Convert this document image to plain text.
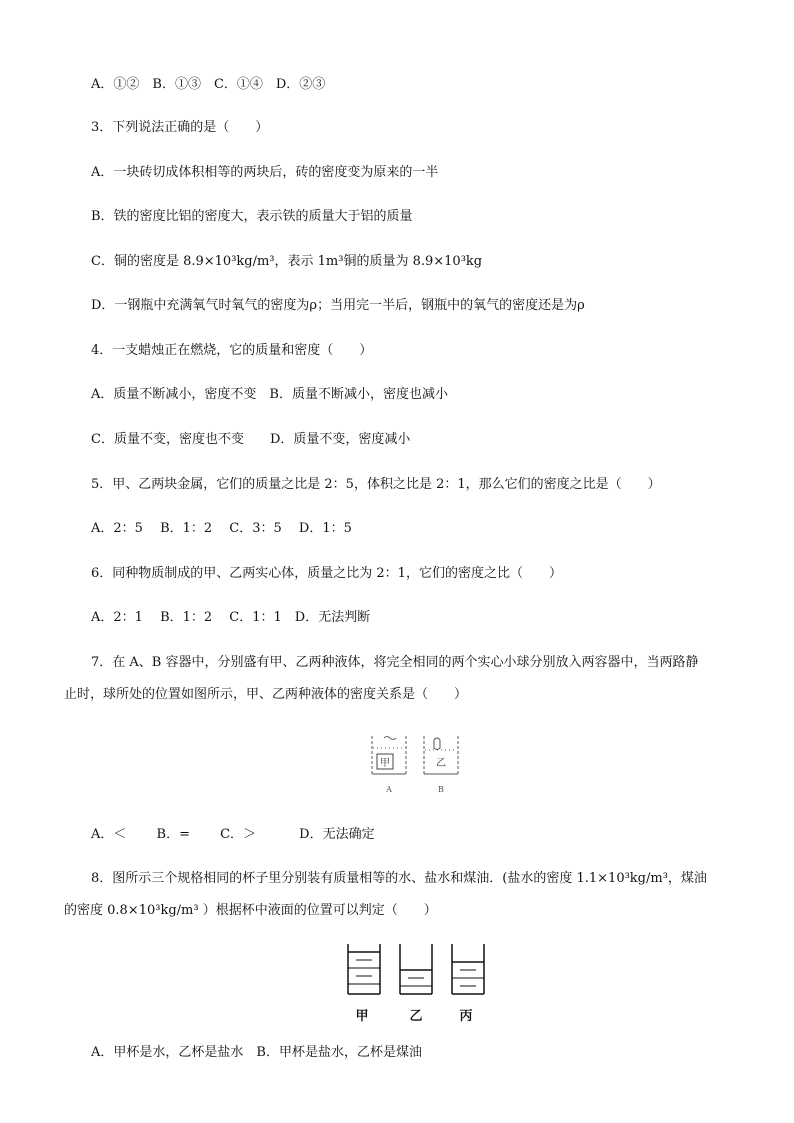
A．①②　B．①③　C．①④　D．②③
3．下列说法正确的是（　　）
A．一块砖切成体积相等的两块后，砖的密度变为原来的一半
B．铁的密度比铝的密度大，表示铁的质量大于铝的质量
C．铜的密度是 8.9×10³kg/m³，表示 1m³铜的质量为 8.9×10³kg
D．一钢瓶中充满氧气时氧气的密度为ρ；当用完一半后，钢瓶中的氧气的密度还是为ρ
4．一支蜡烛正在燃烧，它的质量和密度（　　）
A．质量不断减小，密度不变　B．质量不断减小，密度也减小
C．质量不变，密度也不变　　D．质量不变，密度减小
5．甲、乙两块金属，它们的质量之比是 2：5，体积之比是 2：1，那么它们的密度之比是（　　）
A．2：5　 B．1：2　 C．3：5　 D．1：5
6．同种物质制成的甲、乙两实心体，质量之比为 2：1，它们的密度之比（　　）
A．2：1　 B．1：2　 C．1：1　D．无法判断
7．在 A、B 容器中，分别盛有甲、乙两种液体，将完全相同的两个实心小球分别放入两容器中，当两路静
止时，球所处的位置如图所示，甲、乙两种液体的密度关系是（　　）
甲	乙
A	B
A．＜　　 B．=　　 C．＞　　　 D．无法确定
8．图所示三个规格相同的杯子里分别装有质量相等的水、盐水和煤油．(盐水的密度 1.1×10³kg/m³，煤油
的密度 0.8×10³kg/m³ ）根据杯中液面的位置可以判定（　　）
甲	乙	丙
A．甲杯是水，乙杯是盐水　B．甲杯是盐水，乙杯是煤油
